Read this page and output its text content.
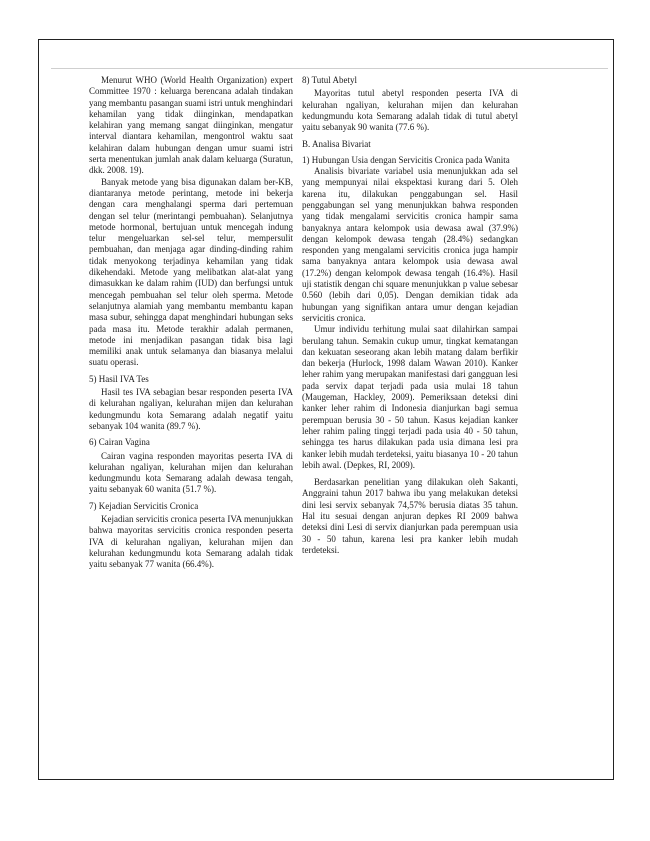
Menurut WHO (World Health Organization) expert Committee 1970 : keluarga berencana adalah tindakan yang membantu pasangan suami istri untuk menghindari kehamilan yang tidak diinginkan, mendapatkan kelahiran yang memang sangat diinginkan, mengatur interval diantara kehamilan, mengontrol waktu saat kelahiran dalam hubungan dengan umur suami istri serta menentukan jumlah anak dalam keluarga (Suratun, dkk. 2008. 19).

Banyak metode yang bisa digunakan dalam ber-KB, diantaranya metode perintang, metode ini bekerja dengan cara menghalangi sperma dari pertemuan dengan sel telur (merintangi pembuahan). Selanjutnya metode hormonal, bertujuan untuk mencegah indung telur mengeluarkan sel-sel telur, mempersulit pembuahan, dan menjaga agar dinding-dinding rahim tidak menyokong terjadinya kehamilan yang tidak dikehendaki. Metode yang melibatkan alat-alat yang dimasukkan ke dalam rahim (IUD) dan berfungsi untuk mencegah pembuahan sel telur oleh sperma. Metode selanjutnya alamiah yang membantu membantu kapan masa subur, sehingga dapat menghindari hubungan seks pada masa itu. Metode terakhir adalah permanen, metode ini menjadikan pasangan tidak bisa lagi memiliki anak untuk selamanya dan biasanya melalui suatu operasi.

5) Hasil IVA Tes

Hasil tes IVA sebagian besar responden peserta IVA di kelurahan ngaliyan, kelurahan mijen dan kelurahan kedungmundu kota Semarang adalah negatif yaitu sebanyak 104 wanita (89.7 %).

6) Cairan Vagina

Cairan vagina responden mayoritas peserta IVA di kelurahan ngaliyan, kelurahan mijen dan kelurahan kedungmundu kota Semarang adalah dewasa tengah, yaitu sebanyak 60 wanita (51.7 %).

7) Kejadian Servicitis Cronica

Kejadian servicitis cronica peserta IVA menunjukkan bahwa mayoritas servicitis cronica responden peserta IVA di kelurahan ngaliyan, kelurahan mijen dan kelurahan kedungmundu kota Semarang adalah tidak yaitu sebanyak 77 wanita (66.4%).

8) Tutul Abetyl

Mayoritas tutul abetyl responden peserta IVA di kelurahan ngaliyan, kelurahan mijen dan kelurahan kedungmundu kota Semarang adalah tidak di tutul abetyl yaitu sebanyak 90 wanita (77.6 %).

B. Analisa Bivariat

1) Hubungan Usia dengan Servicitis Cronica pada Wanita

Analisis bivariate variabel usia menunjukkan ada sel yang mempunyai nilai ekspektasi kurang dari 5. Oleh karena itu, dilakukan penggabungan sel. Hasil penggabungan sel yang menunjukkan bahwa responden yang tidak mengalami servicitis cronica hampir sama banyaknya antara kelompok usia dewasa awal (37.9%) dengan kelompok dewasa tengah (28.4%) sedangkan responden yang mengalami servicitis cronica juga hampir sama banyaknya antara kelompok usia dewasa awal (17.2%) dengan kelompok dewasa tengah (16.4%). Hasil uji statistik dengan chi square menunjukkan p value sebesar 0.560 (lebih dari 0,05). Dengan demikian tidak ada hubungan yang signifikan antara umur dengan kejadian servicitis cronica.

Umur individu terhitung mulai saat dilahirkan sampai berulang tahun. Semakin cukup umur, tingkat kematangan dan kekuatan seseorang akan lebih matang dalam berfikir dan bekerja (Hurlock, 1998 dalam Wawan 2010). Kanker leher rahim yang merupakan manifestasi dari gangguan lesi pada servix dapat terjadi pada usia mulai 18 tahun (Maugeman, Hackley, 2009). Pemeriksaan deteksi dini kanker leher rahim di Indonesia dianjurkan bagi semua perempuan berusia 30 - 50 tahun. Kasus kejadian kanker leher rahim paling tinggi terjadi pada usia 40 - 50 tahun, sehingga tes harus dilakukan pada usia dimana lesi pra kanker lebih mudah terdeteksi, yaitu biasanya 10 - 20 tahun lebih awal. (Depkes, RI, 2009).

Berdasarkan penelitian yang dilakukan oleh Sakanti, Anggraini tahun 2017 bahwa ibu yang melakukan deteksi dini lesi servix sebanyak 74,57% berusia diatas 35 tahun. Hal itu sesuai dengan anjuran depkes RI 2009 bahwa deteksi dini Lesi di servix dianjurkan pada perempuan usia 30 - 50 tahun, karena lesi pra kanker lebih mudah terdeteksi.
